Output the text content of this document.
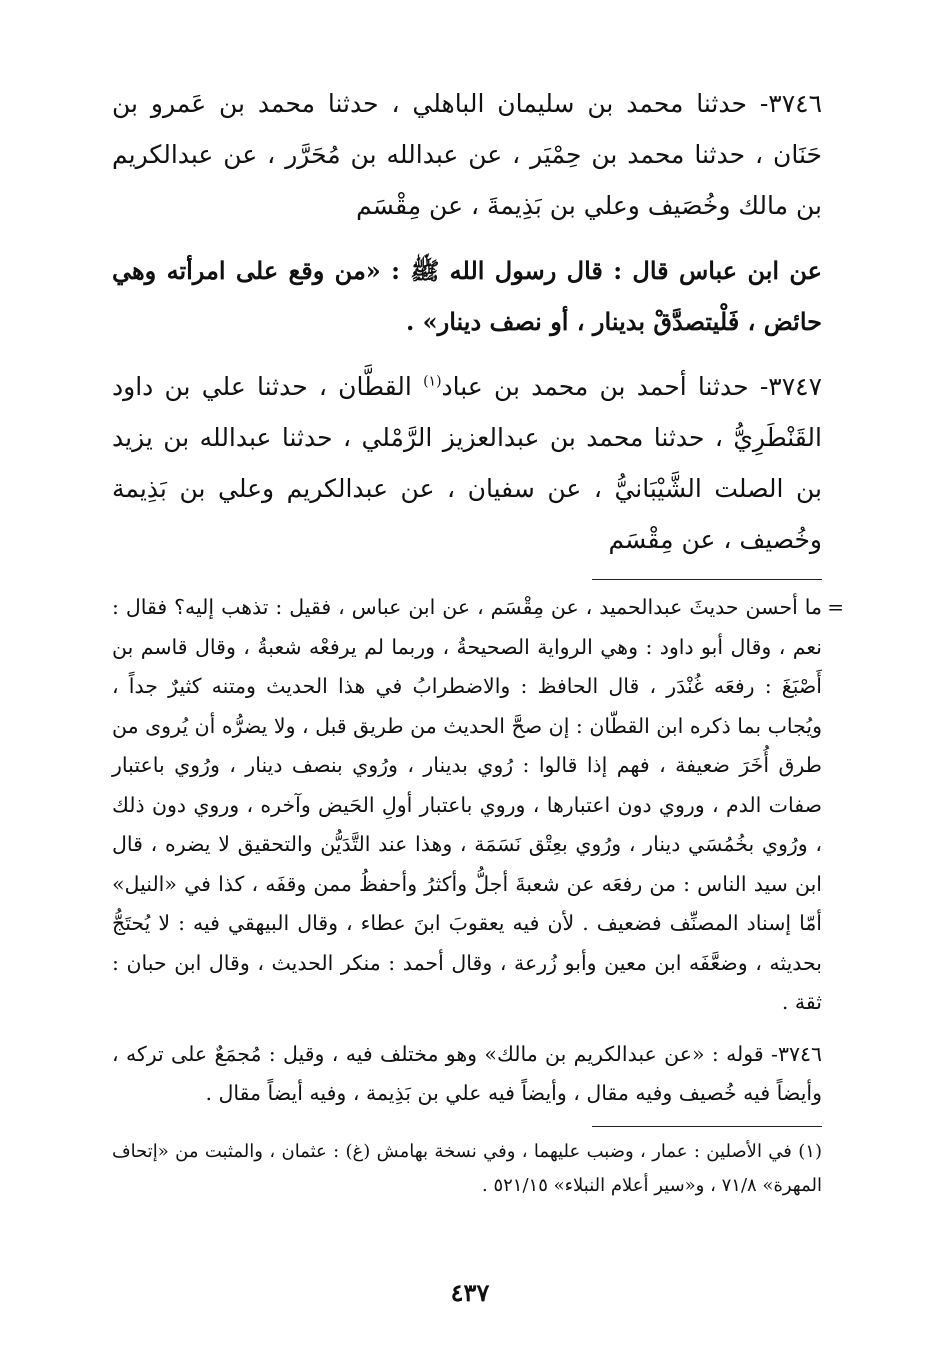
٣٧٤٦- حدثنا محمد بن سليمان الباهلي ، حدثنا محمد بن عَمرو بن حَنَان ، حدثنا محمد بن حِمْيَر ، عن عبدالله بن مُحَرَّر ، عن عبدالكريم بن مالك وخُصَيف وعلي بن بَذِيمةَ ، عن مِقْسَم

عن ابن عباس قال : قال رسول الله ﷺ : «من وقع على امرأته وهي حائض ، فَلْيتصدَّقْ بدينار ، أو نصف دينار» .

٣٧٤٧- حدثنا أحمد بن محمد بن عباد$^{(١)}$ القطَّان ، حدثنا علي بن داود القَنْطَرِيُّ ، حدثنا محمد بن عبدالعزيز الرَّمْلي ، حدثنا عبدالله بن يزيد بن الصلت الشَّيْبَانيُّ ، عن سفيان ، عن عبدالكريم وعلي بن بَذِيمة وخُصيف ، عن مِقْسَم

=
ما أحسن حديثَ عبدالحميد ، عن مِقْسَم ، عن ابن عباس ، فقيل : تذهب إليه؟ فقال : نعم ، وقال أبو داود : وهي الرواية الصحيحةُ ، وربما لم يرفعْه شعبةُ ، وقال قاسم بن أَصْبَغَ : رفعَه غُنْدَر ، قال الحافظ : والاضطرابُ في هذا الحديث ومتنه كثيرٌ جداً ، ويُجاب بما ذكره ابن القطّان : إن صحَّ الحديث من طريق قبل ، ولا يضرُّه أن يُروى من طرق أُخَرَ ضعيفة ، فهم إذا قالوا : رُوي بدينار ، ورُوي بنصف دينار ، ورُوي باعتبار صفات الدم ، وروي دون اعتبارها ، وروي باعتبار أولِ الحَيض وآخره ، وروي دون ذلك ، ورُوي بخُمُسَي دينار ، ورُوي بعِتْق نَسَمَة ، وهذا عند التَّدَيُّن والتحقيق لا يضره ، قال ابن سيد الناس : من رفعَه عن شعبةَ أجلُّ وأكثرُ وأحفظُ ممن وقفَه ، كذا في «النيل» أمّا إسناد المصنِّف فضعيف . لأن فيه يعقوبَ ابنَ عطاء ، وقال البيهقي فيه : لا يُحتَجُّ بحديثه ، وضعَّفَه ابن معين وأبو زُرعة ، وقال أحمد : منكر الحديث ، وقال ابن حبان : ثقة .

٣٧٤٦- قوله : «عن عبدالكريم بن مالك» وهو مختلف فيه ، وقيل : مُجمَعٌ على تركه ، وأيضاً فيه خُصيف وفيه مقال ، وأيضاً فيه علي بن بَذِيمة ، وفيه أيضاً مقال .

(١) في الأصلين : عمار ، وضبب عليهما ، وفي نسخة بهامش (غ) : عثمان ، والمثبت من «إتحاف المهرة» ٧١/٨ ، و«سير أعلام النبلاء» ٥٢١/١٥ .

٤٣٧
